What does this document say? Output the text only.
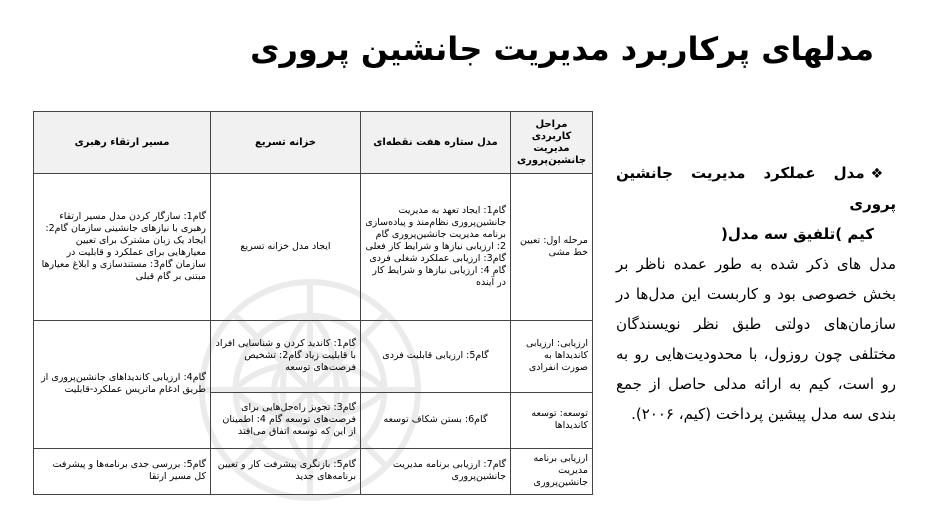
مدلهای پرکاربرد مدیریت جانشین پروری
❖مدل عملکرد مدیریت جانشین پروری
کیم )تلفیق سه مدل(
مدل های ذکر شده به طور عمده ناظر بر بخش خصوصی بود و کاربست این مدل‌ها در سازمان‌های دولتی طبق نظر نویسندگان مختلفی چون روزول، با محدودیت‌هایی رو به رو است، کیم به ارائه مدلی حاصل از جمع بندی سه مدل پیشین پرداخت (کیم، ۲۰۰۶).
مراحل کاربردی مدیریت جانشین‌پروری	مدل ستاره هفت نقطه‌ای	خزانه تسریع	مسیر ارتقاء رهبری
مرحله اول: تعیین خط مشی	گام1: ایجاد تعهد به مدیریت جانشین‌پروری نظام‌مند و پیاده‌سازی برنامه مدیریت جانشین‌پروری گام 2: ارزیابی نیازها و شرایط کار فعلی گام3: ارزیابی عملکرد شغلی فردی گام 4: ارزیابی نیازها و شرایط کار در آینده	ایجاد مدل خزانه تسریع	گام1: سازگار کردن مدل مسیر ارتقاء رهبری با نیازهای جانشینی سازمان گام2: ایجاد یک زبان مشترک برای تعیین معیارهایی برای عملکرد و قابلیت در سازمان گام3: مستندسازی و ابلاغ معیارها مبتنی بر گام قبلی
ارزیابی: ارزیابی کاندیداها به صورت انفرادی	گام5: ارزیابی قابلیت فردی	گام1: کاندید کردن و شناسایی افراد با قابلیت زیاد گام2: تشخیص فرصت‌های توسعه	گام4: ارزیابی کاندیداهای جانشین‌پروری از طریق ادغام ماتریس عملکرد-قابلیت
توسعه: توسعه کاندیداها	گام6: بستن شکاف توسعه	گام3: تجویز راه‌حل‌هایی برای فرصت‌های توسعه گام 4: اطمینان از این که توسعه اتفاق می‌افتد	
ارزیابی برنامه مدیریت جانشین‌پروری	گام7: ارزیابی برنامه مدیریت جانشین‌پروری	گام5: بازنگری پیشرفت کار و تعیین برنامه‌های جدید	گام5: بررسی جدی برنامه‌ها و پیشرفت کل مسیر ارتقا
